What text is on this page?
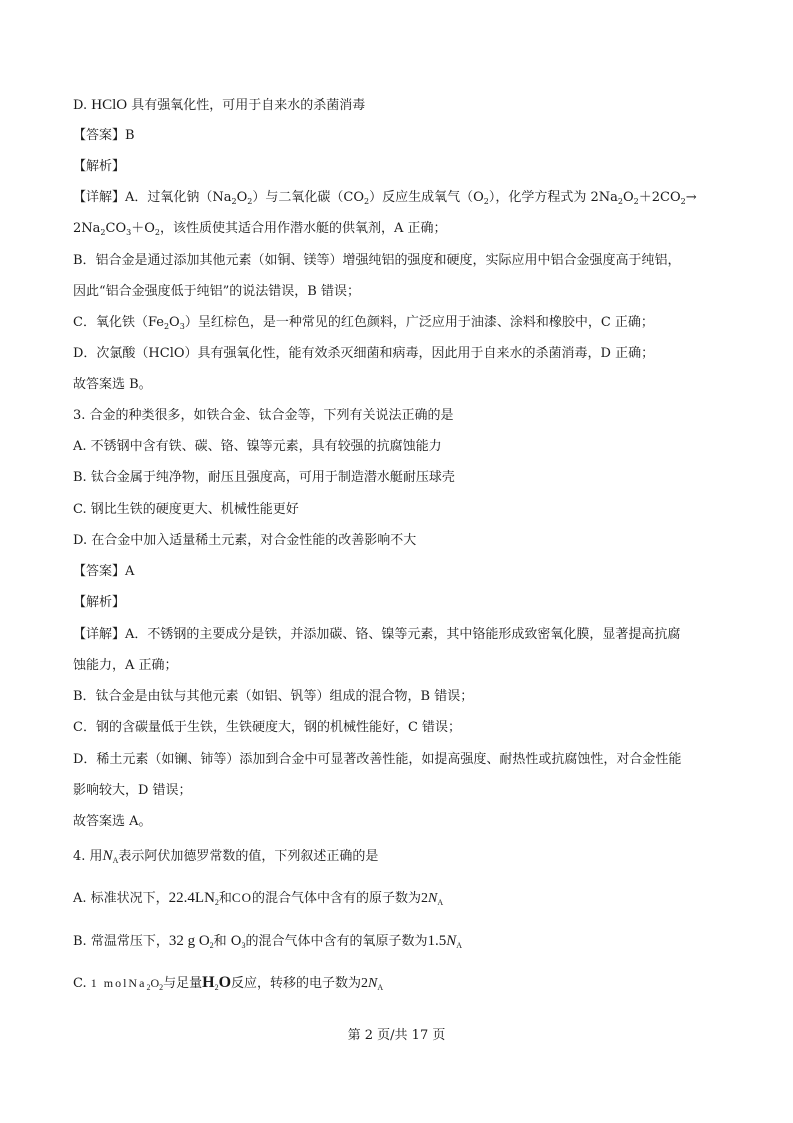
D. HClO 具有强氧化性，可用于自来水的杀菌消毒
【答案】B
【解析】
【详解】A．过氧化钠$(Na_2O_2)$与二氧化碳$(CO_2)$反应生成氧气$(O_2)$，化学方程式为 $2Na_2O_2+2CO_2\to$
$2Na_2CO_3+O_2$，该性质使其适合用作潜水艇的供氧剂，A 正确；
B．铝合金是通过添加其他元素（如铜、镁等）增强纯铝的强度和硬度，实际应用中铝合金强度高于纯铝，
因此“铝合金强度低于纯铝”的说法错误，B 错误；
C．氧化铁$(Fe_2O_3)$呈红棕色，是一种常见的红色颜料，广泛应用于油漆、涂料和橡胶中，C 正确；
D．次氯酸（HClO）具有强氧化性，能有效杀灭细菌和病毒，因此用于自来水的杀菌消毒，D 正确；
故答案选 B。
3. 合金的种类很多，如铁合金、钛合金等，下列有关说法正确的是
A. 不锈钢中含有铁、碳、铬、镍等元素，具有较强的抗腐蚀能力
B. 钛合金属于纯净物，耐压且强度高，可用于制造潜水艇耐压球壳
C. 钢比生铁的硬度更大、机械性能更好
D. 在合金中加入适量稀土元素，对合金性能的改善影响不大
【答案】A
【解析】
【详解】A．不锈钢的主要成分是铁，并添加碳、铬、镍等元素，其中铬能形成致密氧化膜，显著提高抗腐
蚀能力，A 正确；
B．钛合金是由钛与其他元素（如铝、钒等）组成的混合物，B 错误；
C．钢的含碳量低于生铁，生铁硬度大，钢的机械性能好，C 错误；
D．稀土元素（如镧、铈等）添加到合金中可显著改善性能，如提高强度、耐热性或抗腐蚀性，对合金性能
影响较大，D 错误；
故答案选 A。
4. 用$N_A$表示阿伏加德罗常数的值，下列叙述正确的是
A. 标准状况下，$22.4LN_2$和CO的混合气体中含有的原子数为$2N_A$
B. 常温常压下，32 g $O_2$和 $O_3$的混合气体中含有的氧原子数为$1.5N_A$
C. 1 $molNa_2O_2$与足量$H_2O$反应，转移的电子数为$2N_A$
第 2 页/共 17 页
